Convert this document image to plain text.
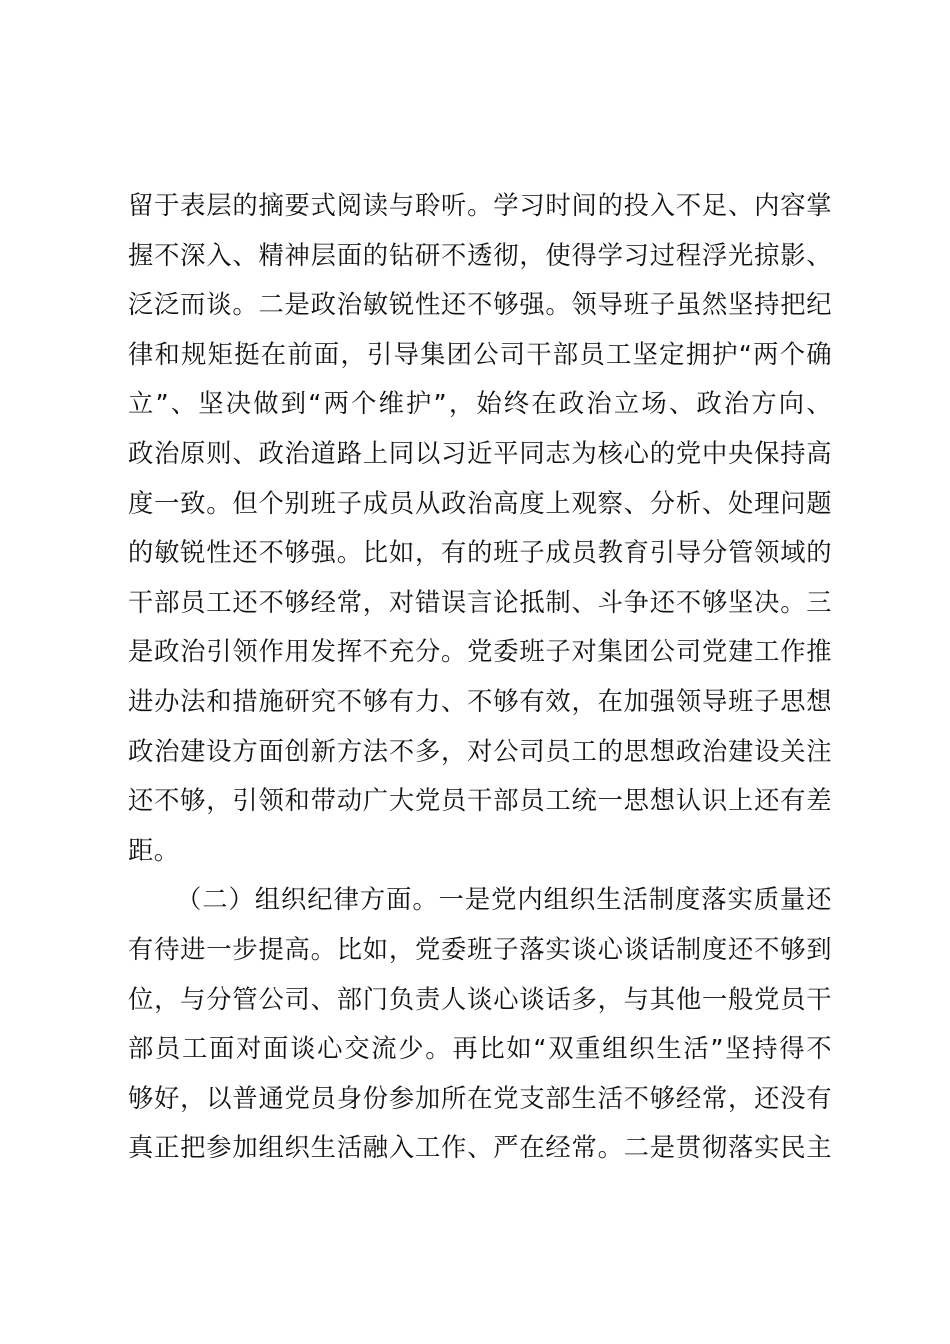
留于表层的摘要式阅读与聆听。学习时间的投入不足、内容掌
握不深入、精神层面的钻研不透彻，使得学习过程浮光掠影、
泛泛而谈。二是政治敏锐性还不够强。领导班子虽然坚持把纪
律和规矩挺在前面，引导集团公司干部员工坚定拥护“两个确
立”、坚决做到“两个维护”，始终在政治立场、政治方向、
政治原则、政治道路上同以习近平同志为核心的党中央保持高
度一致。但个别班子成员从政治高度上观察、分析、处理问题
的敏锐性还不够强。比如，有的班子成员教育引导分管领域的
干部员工还不够经常，对错误言论抵制、斗争还不够坚决。三
是政治引领作用发挥不充分。党委班子对集团公司党建工作推
进办法和措施研究不够有力、不够有效，在加强领导班子思想
政治建设方面创新方法不多，对公司员工的思想政治建设关注
还不够，引领和带动广大党员干部员工统一思想认识上还有差
距。
（二）组织纪律方面。一是党内组织生活制度落实质量还
有待进一步提高。比如，党委班子落实谈心谈话制度还不够到
位，与分管公司、部门负责人谈心谈话多，与其他一般党员干
部员工面对面谈心交流少。再比如“双重组织生活”坚持得不
够好，以普通党员身份参加所在党支部生活不够经常，还没有
真正把参加组织生活融入工作、严在经常。二是贯彻落实民主
